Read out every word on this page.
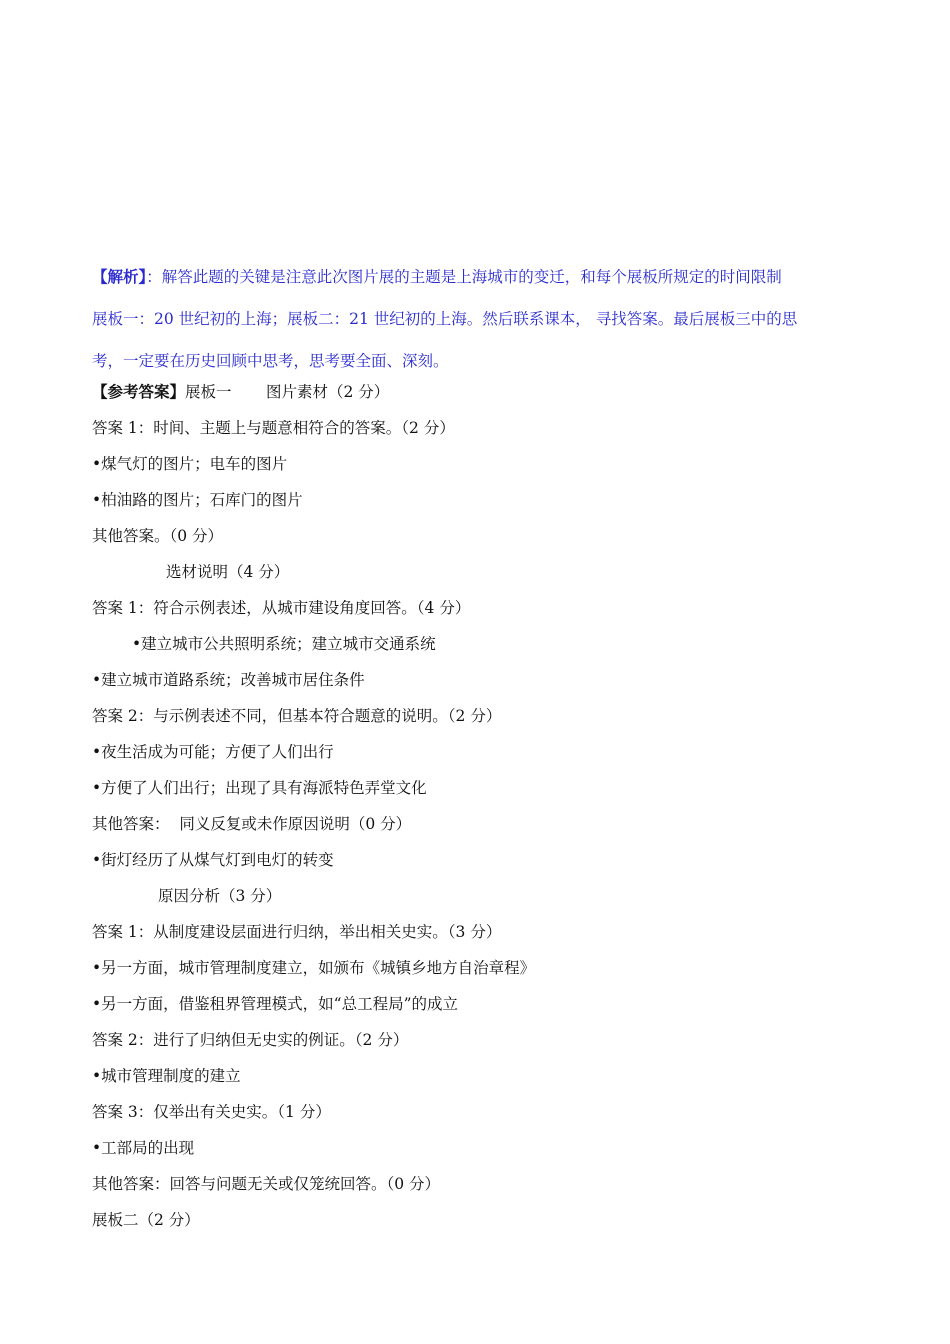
【解析】：解答此题的关键是注意此次图片展的主题是上海城市的变迁，和每个展板所规定的时间限制
展板一：20 世纪初的上海；展板二：21 世纪初的上海。然后联系课本， 寻找答案。最后展板三中的思
考，一定要在历史回顾中思考，思考要全面、深刻。
【参考答案】展板一       图片素材（2 分）
答案 1：时间、主题上与题意相符合的答案。（2 分）
•煤气灯的图片；电车的图片
•柏油路的图片；石库门的图片
其他答案。（0 分）
选材说明（4 分）
答案 1：符合示例表述，从城市建设角度回答。（4 分）
•建立城市公共照明系统；建立城市交通系统
•建立城市道路系统；改善城市居住条件
答案 2：与示例表述不同，但基本符合题意的说明。（2 分）
•夜生活成为可能；方便了人们出行
•方便了人们出行；出现了具有海派特色弄堂文化
其他答案：  同义反复或未作原因说明（0 分）
•街灯经历了从煤气灯到电灯的转变
原因分析（3 分）
答案 1：从制度建设层面进行归纳，举出相关史实。（3 分）
•另一方面，城市管理制度建立，如颁布《城镇乡地方自治章程》
•另一方面，借鉴租界管理模式，如“总工程局”的成立
答案 2：进行了归纳但无史实的例证。（2 分）
•城市管理制度的建立
答案 3：仅举出有关史实。（1 分）
•工部局的出现
其他答案：回答与问题无关或仅笼统回答。（0 分）
展板二（2 分）
